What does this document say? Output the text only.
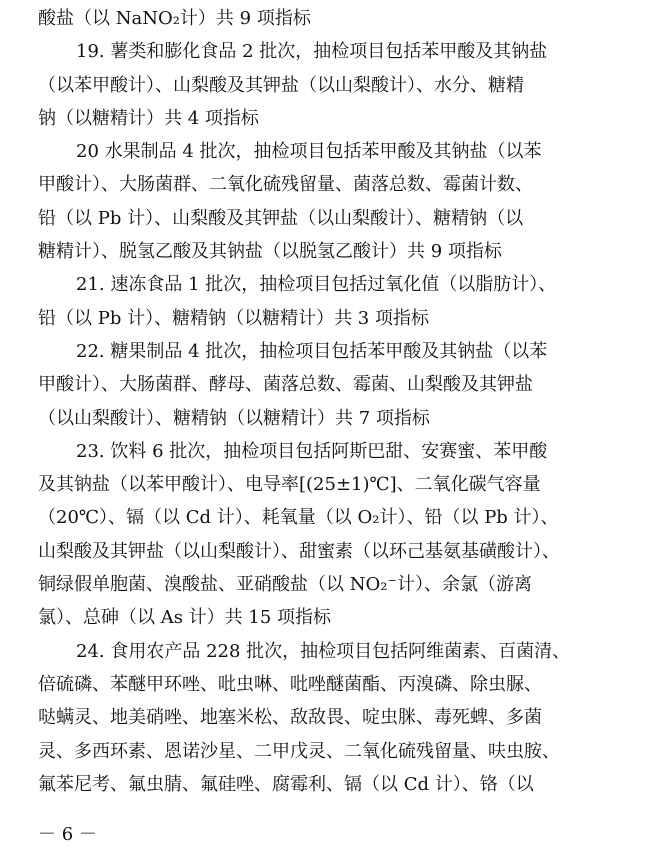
酸盐（以 NaNO₂计）共 9 项指标
19. 薯类和膨化食品 2 批次，抽检项目包括苯甲酸及其钠盐
（以苯甲酸计）、山梨酸及其钾盐（以山梨酸计）、水分、糖精
钠（以糖精计）共 4 项指标
20 水果制品 4 批次，抽检项目包括苯甲酸及其钠盐（以苯
甲酸计）、大肠菌群、二氧化硫残留量、菌落总数、霉菌计数、
铅（以 Pb 计）、山梨酸及其钾盐（以山梨酸计）、糖精钠（以
糖精计）、脱氢乙酸及其钠盐（以脱氢乙酸计）共 9 项指标
21. 速冻食品 1 批次，抽检项目包括过氧化值（以脂肪计）、
铅（以 Pb 计）、糖精钠（以糖精计）共 3 项指标
22. 糖果制品 4 批次，抽检项目包括苯甲酸及其钠盐（以苯
甲酸计）、大肠菌群、酵母、菌落总数、霉菌、山梨酸及其钾盐
（以山梨酸计）、糖精钠（以糖精计）共 7 项指标
23. 饮料 6 批次，抽检项目包括阿斯巴甜、安赛蜜、苯甲酸
及其钠盐（以苯甲酸计）、电导率[(25±1)℃]、二氧化碳气容量
（20℃）、镉（以 Cd 计）、耗氧量（以 O₂计）、铅（以 Pb 计）、
山梨酸及其钾盐（以山梨酸计）、甜蜜素（以环己基氨基磺酸计）、
铜绿假单胞菌、溴酸盐、亚硝酸盐（以 NO₂⁻计）、余氯（游离
氯）、总砷（以 As 计）共 15 项指标
24. 食用农产品 228 批次，抽检项目包括阿维菌素、百菌清、
倍硫磷、苯醚甲环唑、吡虫啉、吡唑醚菌酯、丙溴磷、除虫脲、
哒螨灵、地美硝唑、地塞米松、敌敌畏、啶虫脒、毒死蜱、多菌
灵、多西环素、恩诺沙星、二甲戊灵、二氧化硫残留量、呋虫胺、
氟苯尼考、氟虫腈、氟硅唑、腐霉利、镉（以 Cd 计）、铬（以
－ 6 －
